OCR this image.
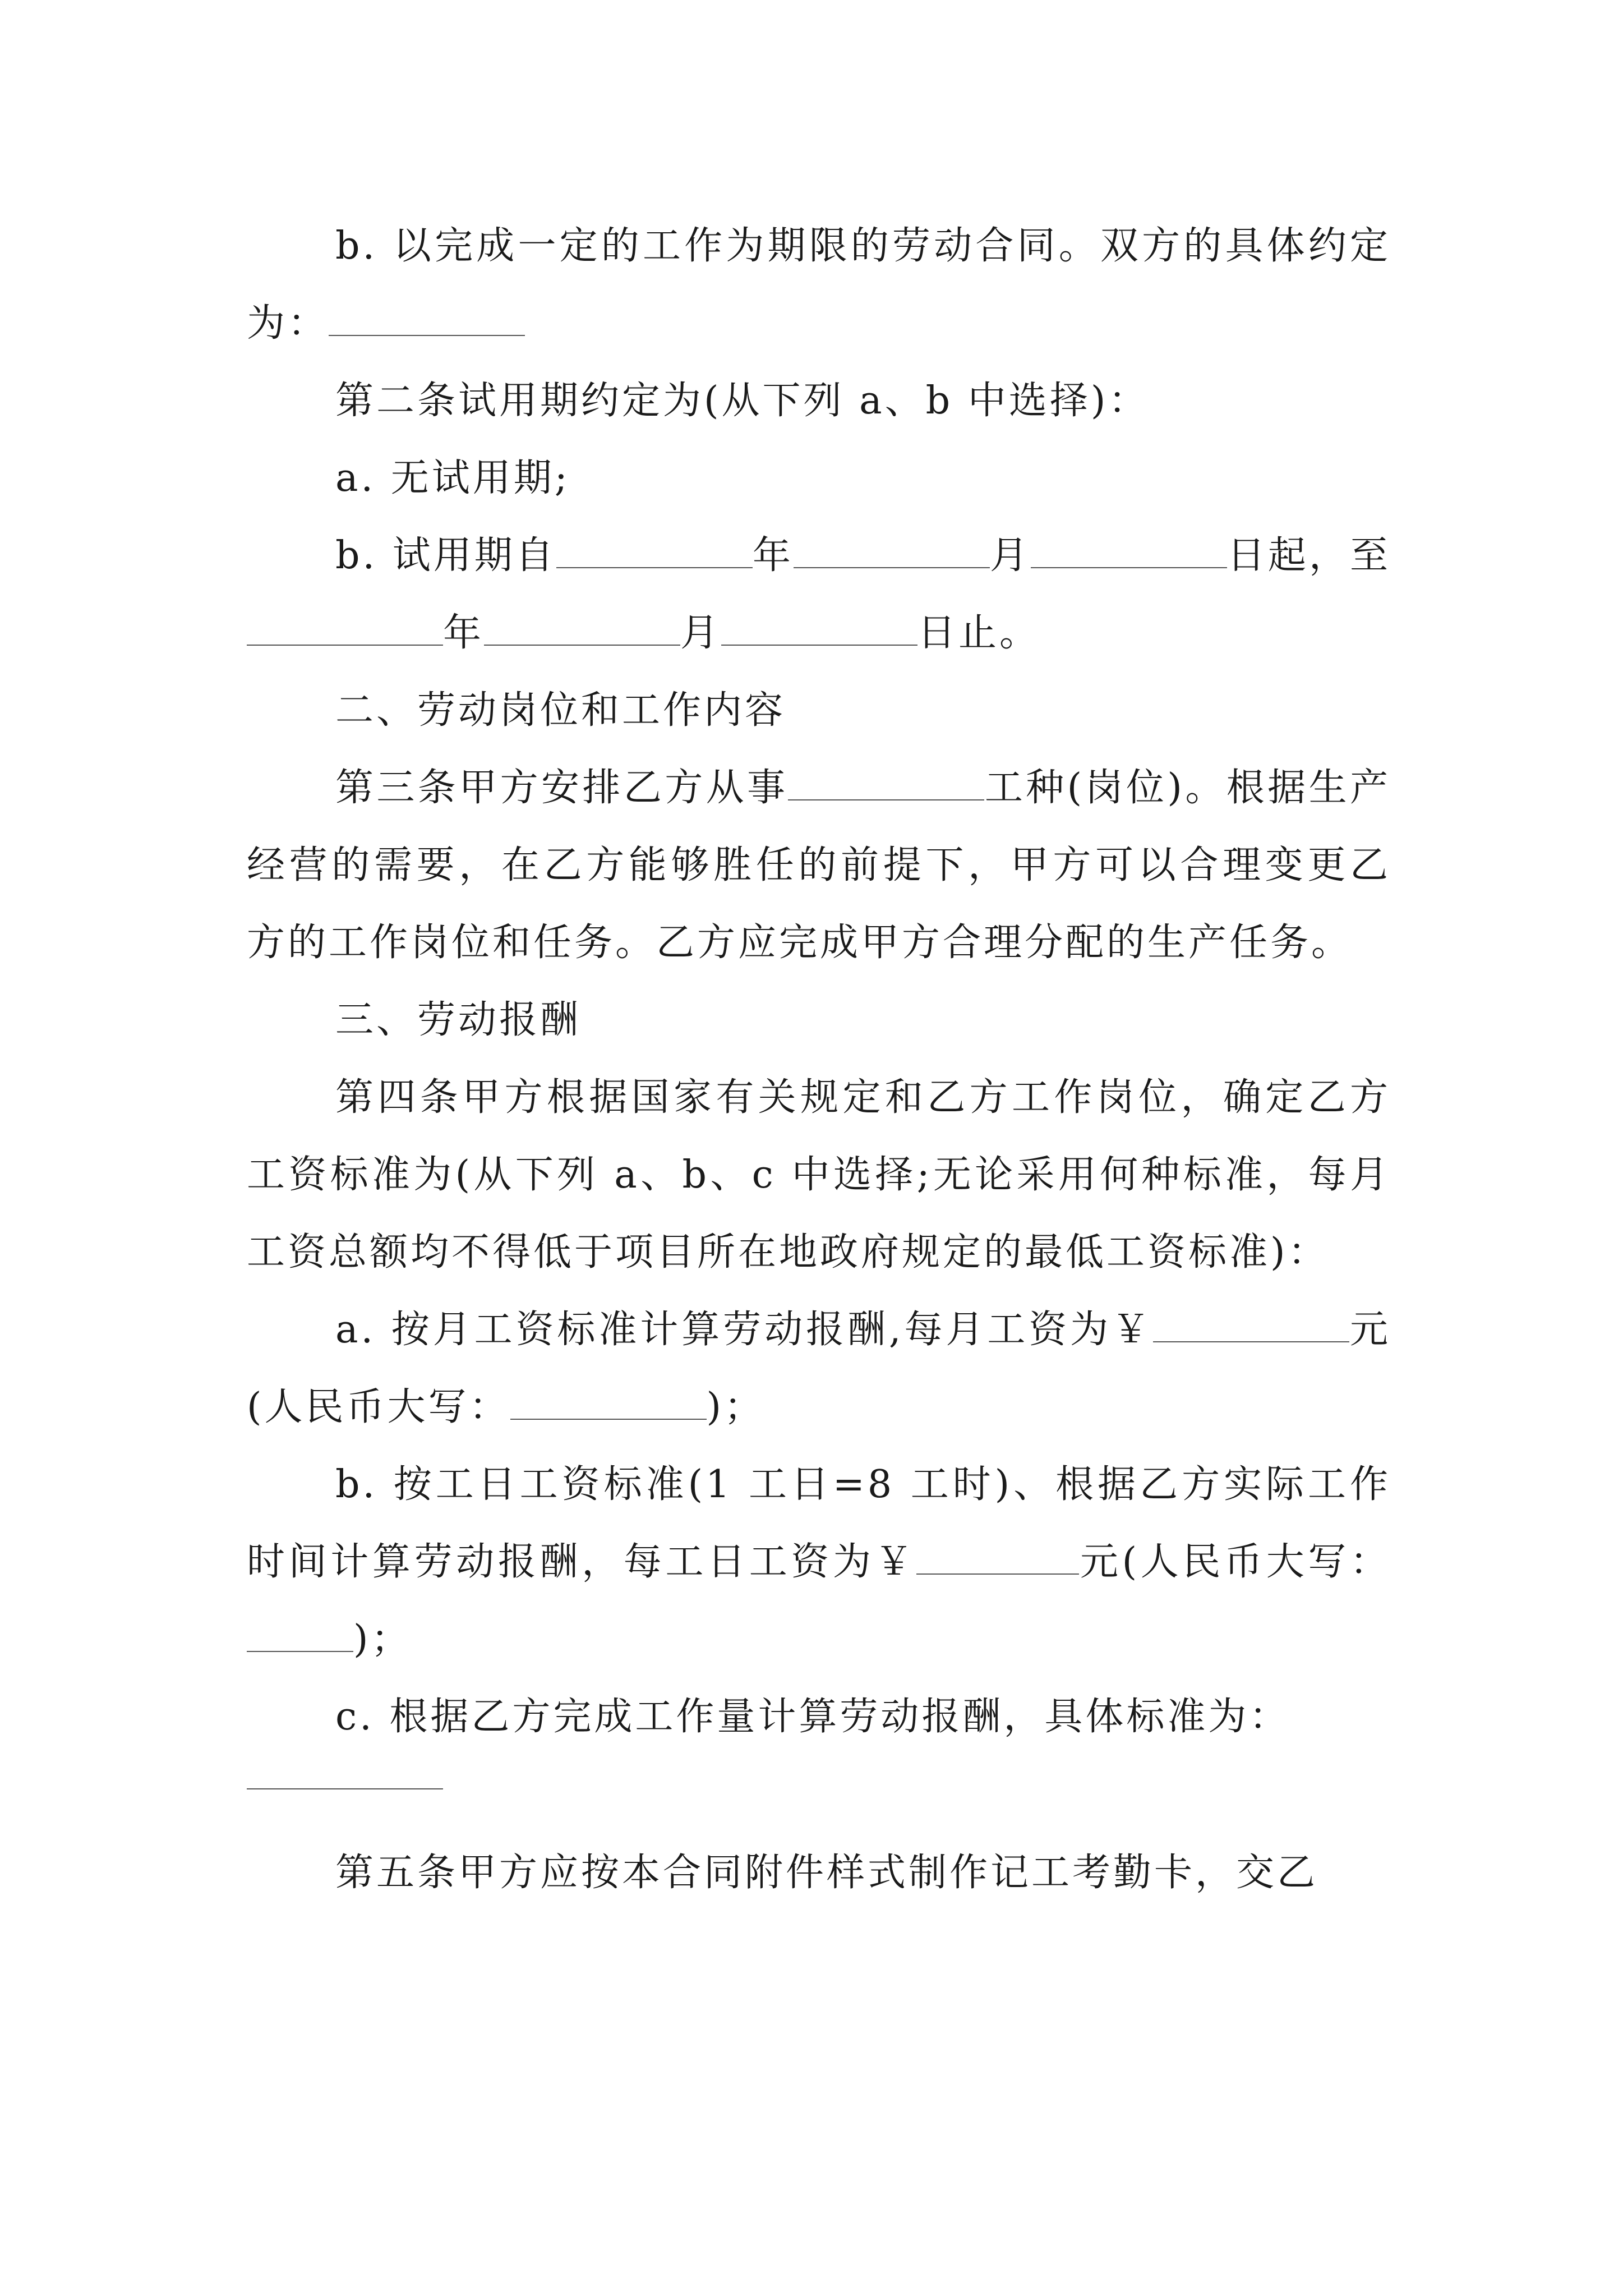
b. 以完成一定的工作为期限的劳动合同。双方的具体约定为：

第二条试用期约定为(从下列 a、b 中选择)：

a. 无试用期;

b. 试用期自	年	月	日起，至年	月	日止。

二、劳动岗位和工作内容

第三条甲方安排乙方从事	工种(岗位)。根据生产经营的需要，在乙方能够胜任的前提下，甲方可以合理变更乙方的工作岗位和任务。乙方应完成甲方合理分配的生产任务。

三、劳动报酬

第四条甲方根据国家有关规定和乙方工作岗位，确定乙方工资标准为(从下列 a、b、c 中选择;无论采用何种标准，每月工资总额均不得低于项目所在地政府规定的最低工资标准)：

a. 按月工资标准计算劳动报酬,每月工资为￥	元(人民币大写：	)；

b. 按工日工资标准(1 工日=8 工时)、根据乙方实际工作时间计算劳动报酬，每工日工资为￥	元(人民币大写：)；

c. 根据乙方完成工作量计算劳动报酬，具体标准为：

第五条甲方应按本合同附件样式制作记工考勤卡，交乙
